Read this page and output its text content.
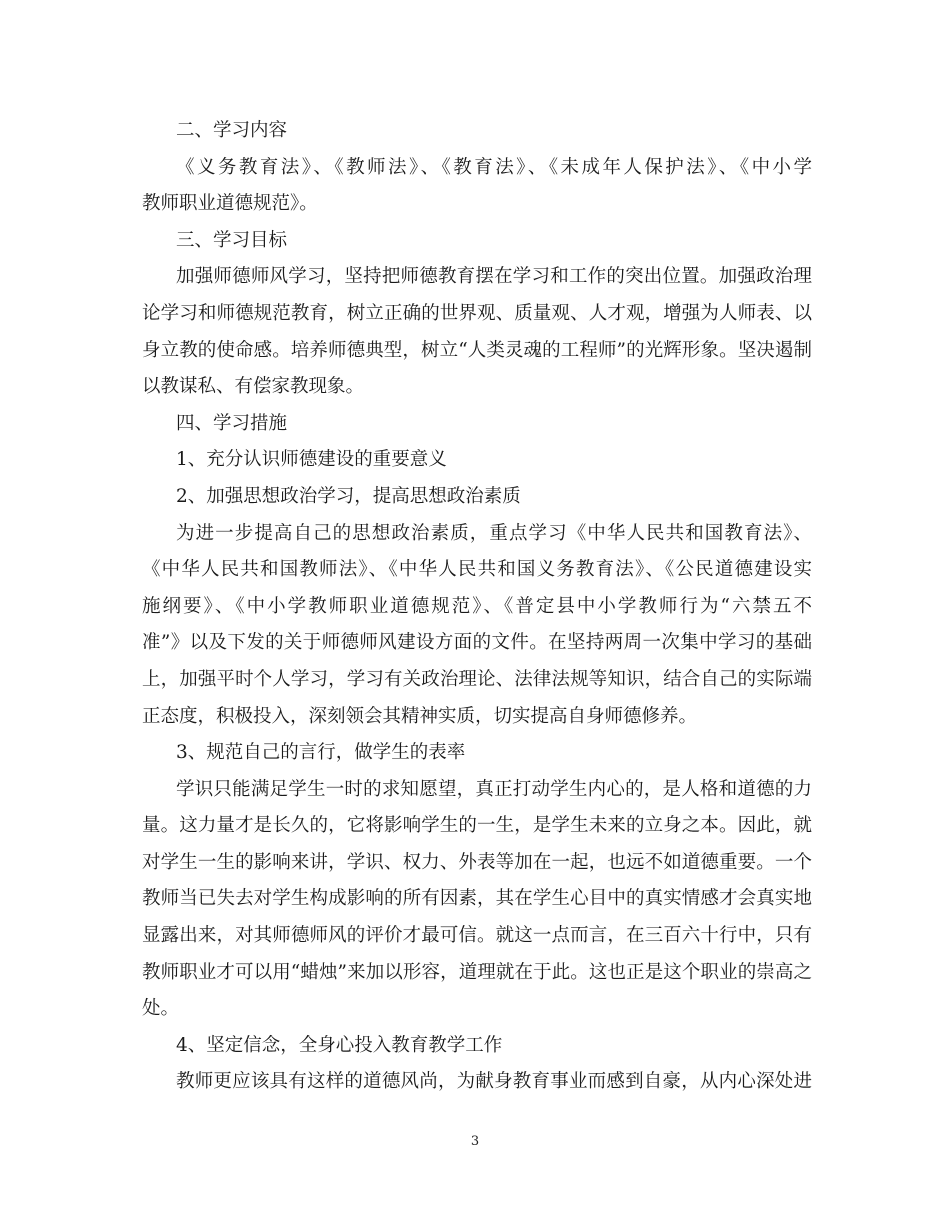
二、学习内容
《义务教育法》、《教师法》、《教育法》、《未成年人保护法》、《中小学
教师职业道德规范》。
三、学习目标
加强师德师风学习，坚持把师德教育摆在学习和工作的突出位置。加强政治理
论学习和师德规范教育，树立正确的世界观、质量观、人才观，增强为人师表、以
身立教的使命感。培养师德典型，树立“人类灵魂的工程师”的光辉形象。坚决遏制
以教谋私、有偿家教现象。
四、学习措施
1、充分认识师德建设的重要意义
2、加强思想政治学习，提高思想政治素质
为进一步提高自己的思想政治素质，重点学习《中华人民共和国教育法》、
《中华人民共和国教师法》、《中华人民共和国义务教育法》、《公民道德建设实
施纲要》、《中小学教师职业道德规范》、《普定县中小学教师行为“六禁五不
准”》以及下发的关于师德师风建设方面的文件。在坚持两周一次集中学习的基础
上，加强平时个人学习，学习有关政治理论、法律法规等知识，结合自己的实际端
正态度，积极投入，深刻领会其精神实质，切实提高自身师德修养。
3、规范自己的言行，做学生的表率
学识只能满足学生一时的求知愿望，真正打动学生内心的，是人格和道德的力
量。这力量才是长久的，它将影响学生的一生，是学生未来的立身之本。因此，就
对学生一生的影响来讲，学识、权力、外表等加在一起，也远不如道德重要。一个
教师当已失去对学生构成影响的所有因素，其在学生心目中的真实情感才会真实地
显露出来，对其师德师风的评价才最可信。就这一点而言，在三百六十行中，只有
教师职业才可以用“蜡烛”来加以形容，道理就在于此。这也正是这个职业的崇高之
处。
4、坚定信念，全身心投入教育教学工作
教师更应该具有这样的道德风尚，为献身教育事业而感到自豪，从内心深处进
3
